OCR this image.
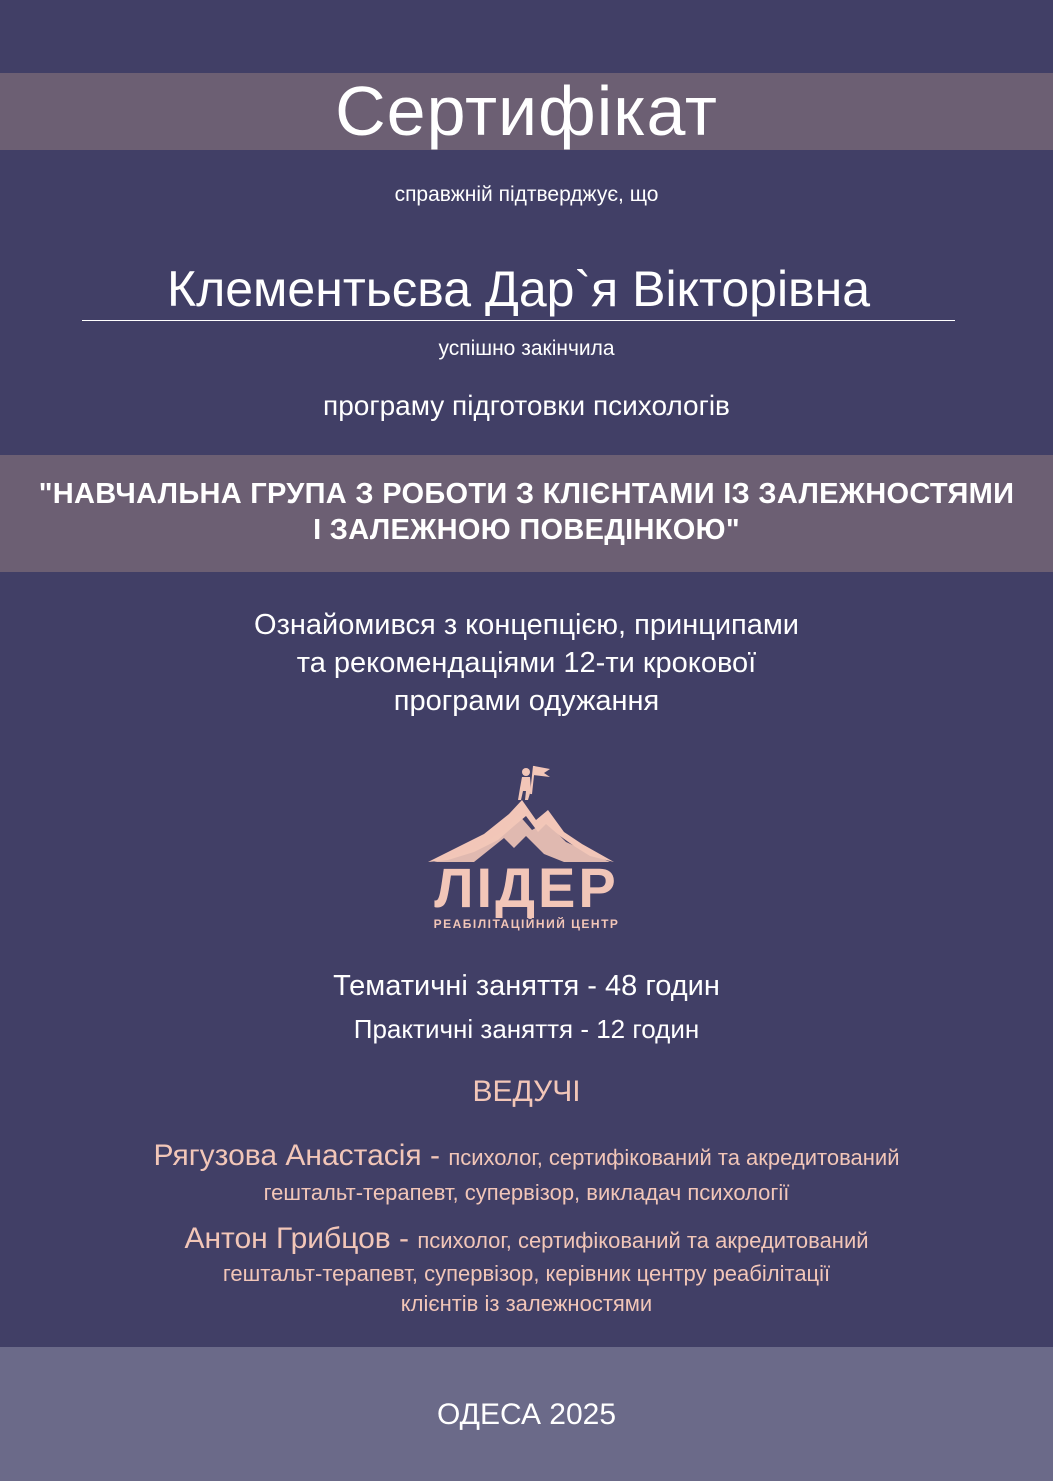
Сертифікат
справжній підтверджує, що
Клементьєва Дар`я Вікторівна
успішно закінчила
програму підготовки психологів
"НАВЧАЛЬНА ГРУПА З РОБОТИ З КЛІЄНТАМИ ІЗ ЗАЛЕЖНОСТЯМИ
І ЗАЛЕЖНОЮ ПОВЕДІНКОЮ"
Ознайомився з концепцією, принципами
та рекомендаціями 12-ти крокової
програми одужання
ЛІДЕР
РЕАБІЛІТАЦІЙНИЙ ЦЕНТР
Тематичні заняття - 48 годин
Практичні заняття - 12 годин
ВЕДУЧІ
Рягузова Анастасія - психолог, сертифікований та акредитований
гештальт-терапевт, супервізор, викладач психології
Антон Грибцов - психолог, сертифікований та акредитований
гештальт-терапевт, супервізор, керівник центру реабілітації
клієнтів із залежностями
ОДЕСА 2025
